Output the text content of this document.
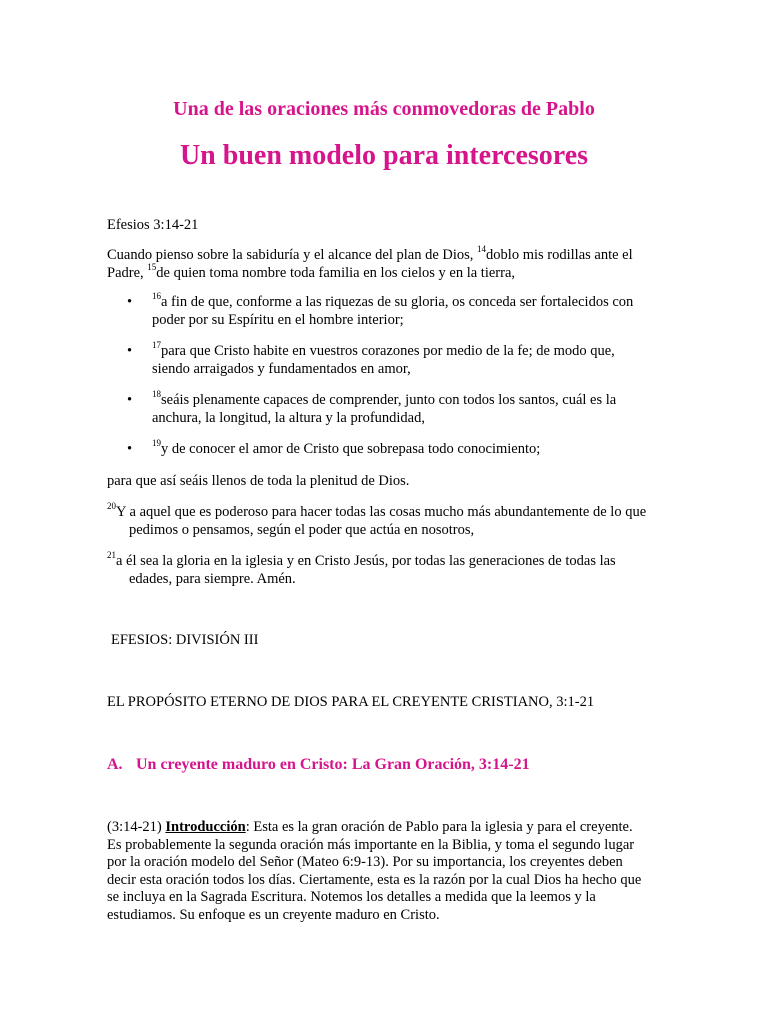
Una de las oraciones más conmovedoras de Pablo
Un buen modelo para intercesores

Efesios 3:14-21

Cuando pienso sobre la sabiduría y el alcance del plan de Dios, $^{14}$doblo mis rodillas ante el Padre, $^{15}$de quien toma nombre toda familia en los cielos y en la tierra,

• $^{16}$a fin de que, conforme a las riquezas de su gloria, os conceda ser fortalecidos con poder por su Espíritu en el hombre interior;
• $^{17}$para que Cristo habite en vuestros corazones por medio de la fe; de modo que, siendo arraigados y fundamentados en amor,
• $^{18}$seáis plenamente capaces de comprender, junto con todos los santos, cuál es la anchura, la longitud, la altura y la profundidad,
• $^{19}$y de conocer el amor de Cristo que sobrepasa todo conocimiento;

para que así seáis llenos de toda la plenitud de Dios.

$^{20}$Y a aquel que es poderoso para hacer todas las cosas mucho más abundantemente de lo que pedimos o pensamos, según el poder que actúa en nosotros,

$^{21}$a él sea la gloria en la iglesia y en Cristo Jesús, por todas las generaciones de todas las edades, para siempre. Amén.

EFESIOS: DIVISIÓN III

EL PROPÓSITO ETERNO DE DIOS PARA EL CREYENTE CRISTIANO, 3:1-21

A. Un creyente maduro en Cristo: La Gran Oración, 3:14-21

(3:14-21) Introducción: Esta es la gran oración de Pablo para la iglesia y para el creyente. Es probablemente la segunda oración más importante en la Biblia, y toma el segundo lugar por la oración modelo del Señor (Mateo 6:9-13). Por su importancia, los creyentes deben decir esta oración todos los días. Ciertamente, esta es la razón por la cual Dios ha hecho que se incluya en la Sagrada Escritura. Notemos los detalles a medida que la leemos y la estudiamos. Su enfoque es un creyente maduro en Cristo.
